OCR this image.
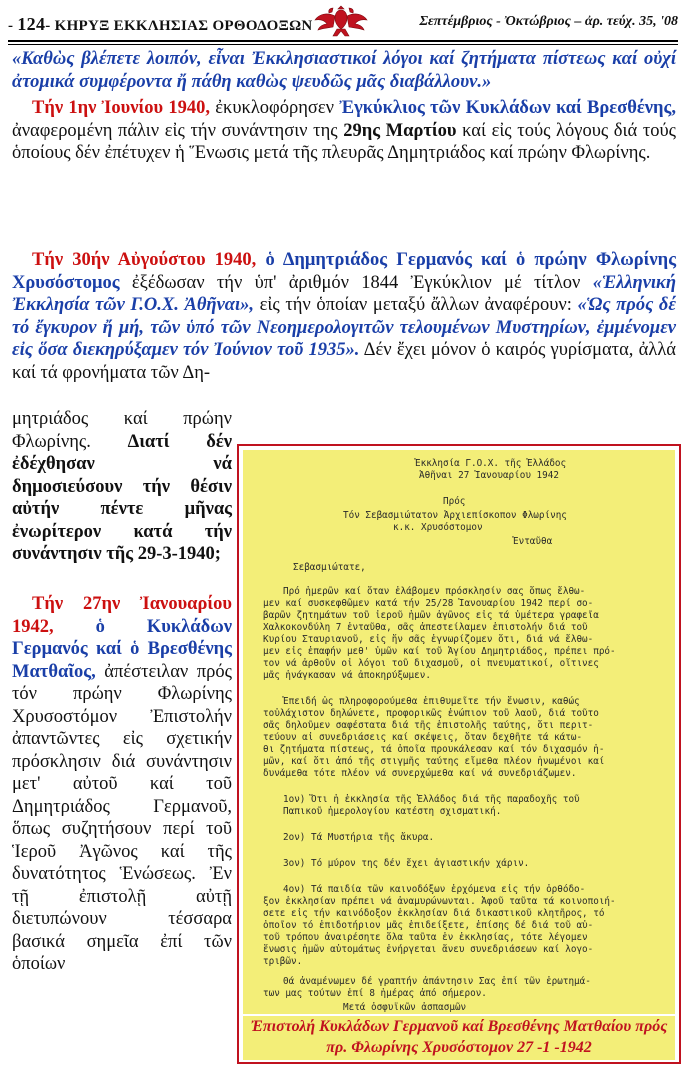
- 124- ΚΗΡΥΞ ΕΚΚΛΗΣΙΑΣ ΟΡΘΟΔΟΞΩΝ	Σεπτέμβριος - Ὀκτώβριος – ἀρ. τεύχ. 35, '08
«Καθὼς βλέπετε λοιπόν, εἶναι Ἐκκλησιαστικοί λόγοι καί ζητήματα πίστεως καί οὐχί ἀτομικά συμφέροντα ἤ πάθη καθὼς ψευδῶς μᾶς διαβάλλουν.»
Τήν 1ην Ἰουνίου 1940, ἐκυκλοφόρησεν Ἐγκύκλιος τῶν Κυκλάδων καί Βρεσθένης, ἀναφερομένη πάλιν εἰς τήν συνάντησιν της 29ης Μαρτίου καί εἰς τούς λόγους διά τούς ὁποίους δέν ἐπέτυχεν ἡ Ἕνωσις μετά τῆς πλευρᾶς Δημητριάδος καί πρώην Φλωρίνης.
Τήν 30ήν Αὐγούστου 1940, ὁ Δημητριάδος Γερμανός καί ὁ πρώην Φλωρίνης Χρυσόστομος ἐξέδωσαν τήν ὑπ' ἀριθμόν 1844 Ἐγκύκλιον μέ τίτλον «Ἑλληνική Ἐκκλησία τῶν Γ.Ο.Χ. Ἀθῆναι», εἰς τήν ὁποίαν μεταξύ ἄλλων ἀναφέρουν: «Ὡς πρός δέ τό ἔγκυρον ἤ μή, τῶν ὑπό τῶν Νεοημερολογιτῶν τελουμένων Μυστηρίων, ἐμμένομεν εἰς ὅσα διεκηρύξαμεν τόν Ἰούνιον τοῦ 1935». Δέν ἔχει μόνον ὁ καιρός γυρίσματα, ἀλλά καί τά φρονήματα τῶν Δη-
μητριάδος καί πρώην Φλωρίνης. Διατί δέν ἐδέχθησαν νά δημοσιεύσουν τήν θέσιν αὐτήν πέντε μῆνας ἐνωρίτερον κατά τήν συνάντησιν τῆς 29-3-1940;
Τήν 27ην Ἰανουαρίου 1942, ὁ Κυκλάδων Γερμανός καί ὁ Βρεσθένης Ματθαῖος, ἀπέστειλαν πρός τόν πρώην Φλωρίνης Χρυσοστόμον Ἐπιστολήν ἀπαντῶντες εἰς σχετικήν πρόσκλησιν διά συνάντησιν μετ' αὐτοῦ καί τοῦ Δημητριάδος Γερμανοῦ, ὅπως συζητήσουν περί τοῦ Ἱεροῦ Ἀγῶνος καί τῆς δυνατότητος Ἑνώσεως. Ἐν τῇ ἐπιστολῇ αὐτῇ διετυπώνουν τέσσαρα βασικά σημεῖα ἐπί τῶν ὁποίων
Ἐκκλησία Γ.Ο.Χ. τῆς Ἑλλάδος
Ἀθῆναι 27 Ἰανουαρίου 1942
Πρός
Τόν Σεβασμιώτατον Ἀρχιεπίσκοπον Φλωρίνης
κ.κ. Χρυσόστομον
Ἐνταῦθα
Σεβασμιώτατε,
Πρό ἡμερῶν καί ὅταν ἐλάβομεν πρόσκλησίν σας ὅπως ἔλθω-
μεν καί συσκεφθῶμεν κατά τήν 25/28 Ἰανουαρίου 1942 περί σο-
βαρῶν ζητημάτων τοῦ ἱεροῦ ἡμῶν ἀγῶνος εἰς τά ὑμέτερα γραφεῖα
Χαλκοκονδύλη 7 ἐνταῦθα, σᾶς ἀπεστείλαμεν ἐπιστολήν διά τοῦ
Κυρίου Σταυριανοῦ, εἰς ἥν σᾶς ἐγνωρίζομεν ὅτι, διά νά ἔλθω-
μεν εἰς ἐπαφήν μεθ' ὑμῶν καί τοῦ Ἁγίου Δημητριάδος, πρέπει πρό-
τον νά ἀρθοῦν οἱ λόγοι τοῦ διχασμοῦ, οἱ πνευματικοί, οἵτινες
μᾶς ἠνάγκασαν νά ἀποκηρύξωμεν.
Ἐπειδή ὡς πληροφορούμεθα ἐπιθυμεῖτε τήν ἕνωσιν, καθώς
τοὐλάχιστον δηλώνετε, προφορικῶς ἐνώπιον τοῦ λαοῦ, διά τοῦτο
σᾶς δηλοῦμεν σαφέστατα διά τῆς ἐπιστολῆς ταύτης, ὅτι περιτ-
τεύουν αἱ συνεδριάσεις καί σκέψεις, ὅταν δεχθῆτε τά κάτω-
θι ζητήματα πίστεως, τά ὁποῖα προυκάλεσαν καί τόν διχασμόν ἡ-
μῶν, καί ὅτι ἀπό τῆς στιγμῆς ταύτης εἴμεθα πλέον ἡνωμένοι καί
δυνάμεθα τότε πλέον νά συνερχώμεθα καί νά συνεδριάζωμεν.
1ον) Ὅτι ἡ ἐκκλησία τῆς Ἑλλάδος διά τῆς παραδοχῆς τοῦ
Παπικοῦ ἡμερολογίου κατέστη σχισματική.
2ον) Τά Μυστήρια τῆς ἄκυρα.
3ον) Τό μύρον της δέν ἔχει ἁγιαστικήν χάριν.
4ον) Τά παιδία τῶν καινοδόξων ἐρχόμενα εἰς τήν ὀρθόδο-
ξον ἐκκλησίαν πρέπει νά ἀναμυρώνωνται. Ἀφοῦ ταῦτα τά κοινοποιή-
σετε εἰς τήν καινόδοξον ἐκκλησίαν διά δικαστικοῦ κλητῆρος, τό
ὁποῖον τό ἐπιδοτήριον μᾶς ἐπιδείξετε, ἐπίσης δέ διά τοῦ αὐ-
τοῦ τρόπου ἀναιρέσητε ὅλα ταῦτα ἐν ἐκκλησίας, τότε λέγομεν
ἕνωσις ἡμῶν αὐτομάτως ἐνήργεται ἄνευ συνεδριάσεων καί λογο-
τριβῶν.
Θά ἀναμένωμεν δέ γραπτήν ἀπάντησιν Σας ἐπί τῶν ἐρωτημά-
των μας τούτων ἐπί 8 ἡμέρας ἀπό σήμερον.
Μετά ὀσφυϊκῶν ἀσπασμῶν
Ἐπιστολή Κυκλάδων Γερμανοῦ καί Βρεσθένης Ματθαίου πρός πρ. Φλωρίνης Χρυσόστομον 27 -1 -1942
